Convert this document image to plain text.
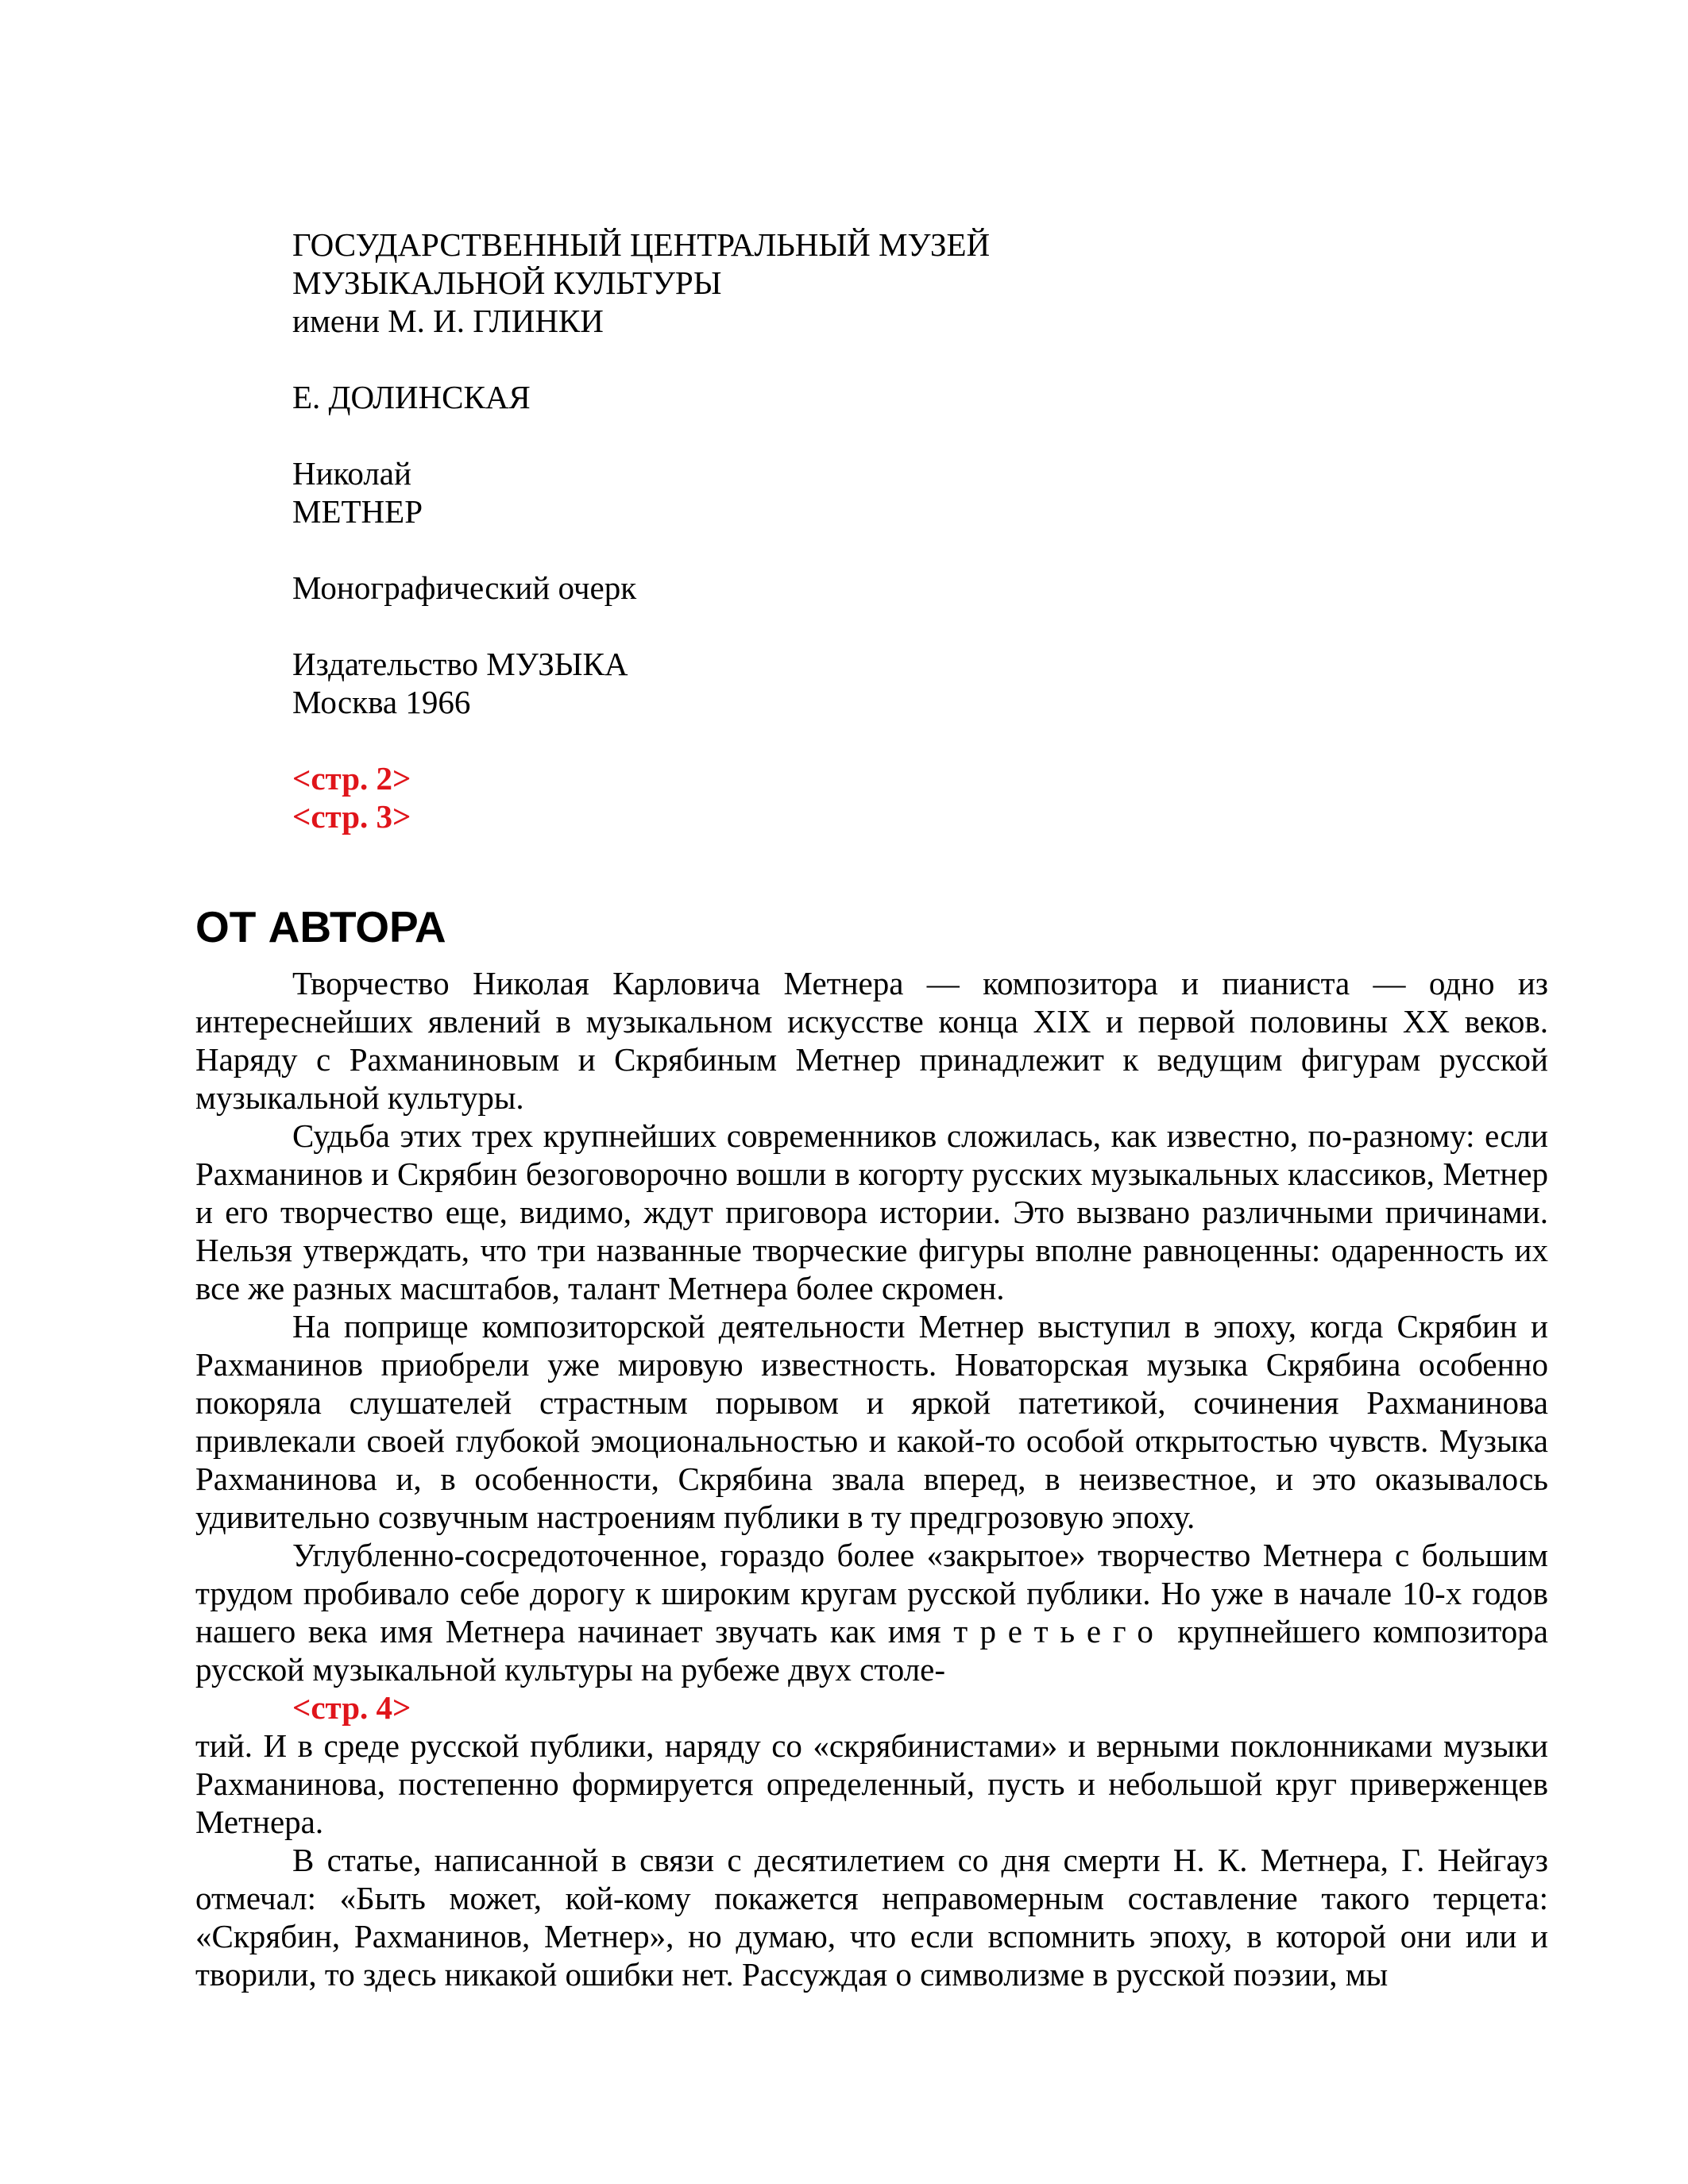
ГОСУДАРСТВЕННЫЙ ЦЕНТРАЛЬНЫЙ МУЗЕЙ
МУЗЫКАЛЬНОЙ КУЛЬТУРЫ
имени М. И. ГЛИНКИ
Е. ДОЛИНСКАЯ
Николай
МЕТНЕР
Монографический очерк
Издательство МУЗЫКА
Москва 1966
<стр. 2>
<стр. 3>
ОТ АВТОРА

Творчество Николая Карловича Метнера — композитора и пианиста — одно из интереснейших явлений в музыкальном искусстве конца XIX и первой половины XX веков. Наряду с Рахманиновым и Скрябиным Метнер принадлежит к ведущим фигурам русской музыкальной культуры.

Судьба этих трех крупнейших современников сложилась, как известно, по-разному: если Рахманинов и Скрябин безоговорочно вошли в когорту русских музыкальных классиков, Метнер и его творчество еще, видимо, ждут приговора истории. Это вызвано различными причинами. Нельзя утверждать, что три названные творческие фигуры вполне равноценны: одаренность их все же разных масштабов, талант Метнера более скромен.

На поприще композиторской деятельности Метнер выступил в эпоху, когда Скрябин и Рахманинов приобрели уже мировую известность. Новаторская музыка Скрябина особенно покоряла слушателей страстным порывом и яркой патетикой, сочинения Рахманинова привлекали своей глубокой эмоциональностью и какой-то особой открытостью чувств. Музыка Рахманинова и, в особенности, Скрябина звала вперед, в неизвестное, и это оказывалось удивительно созвучным настроениям публики в ту предгрозовую эпоху.

Углубленно-сосредоточенное, гораздо более «закрытое» творчество Метнера с большим трудом пробивало себе дорогу к широким кругам русской публики. Но уже в начале 10-х годов нашего века имя Метнера начинает звучать как имя третьего крупнейшего композитора русской музыкальной культуры на рубеже двух столе-

<стр. 4>

тий. И в среде русской публики, наряду со «скрябинистами» и верными поклонниками музыки Рахманинова, постепенно формируется определенный, пусть и небольшой круг приверженцев Метнера.

В статье, написанной в связи с десятилетием со дня смерти Н. К. Метнера, Г. Нейгауз отмечал: «Быть может, кой-кому покажется неправомерным составление такого терцета: «Скрябин, Рахманинов, Метнер», но думаю, что если вспомнить эпоху, в которой они или и творили, то здесь никакой ошибки нет. Рассуждая о символизме в русской поэзии, мы
